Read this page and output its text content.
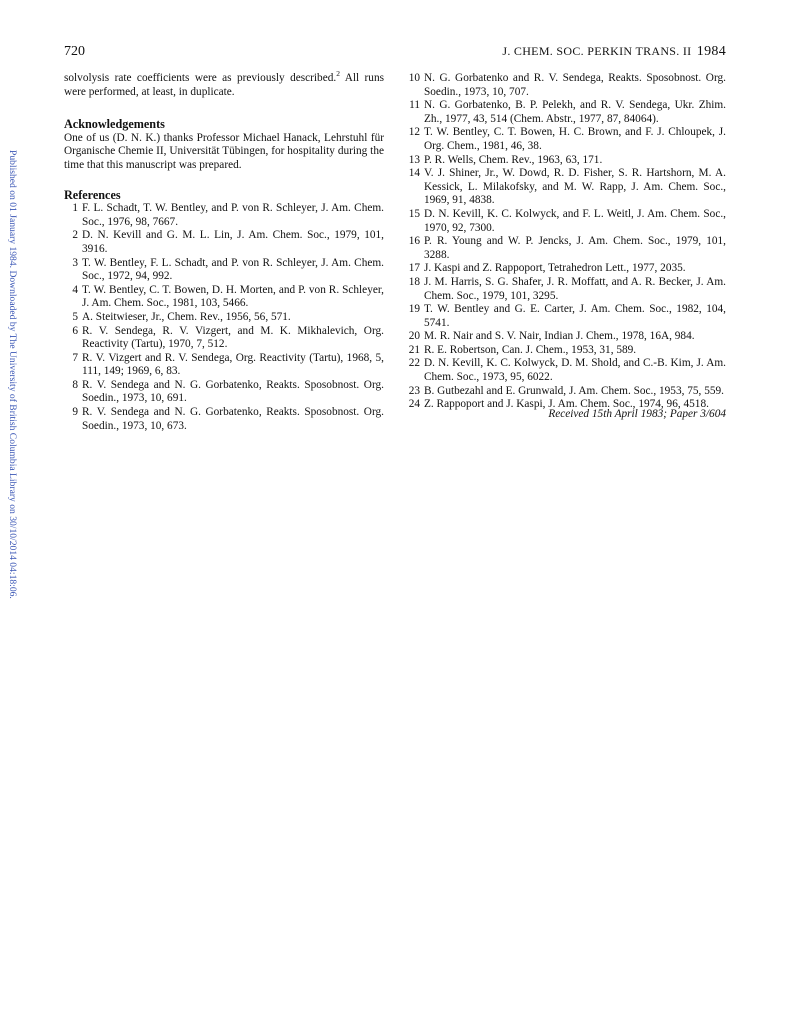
Published on 01 January 1984. Downloaded by The University of British Columbia Library on 30/10/2014 04:18:06.
720	J. CHEM. SOC. PERKIN TRANS. II 1984

solvolysis rate coefficients were as previously described.$^2$ All runs were performed, at least, in duplicate.

Acknowledgements

One of us (D. N. K.) thanks Professor Michael Hanack, Lehrstuhl für Organische Chemie II, Universität Tübingen, for hospitality during the time that this manuscript was prepared.

References

1 F. L. Schadt, T. W. Bentley, and P. von R. Schleyer, J. Am. Chem. Soc., 1976, 98, 7667.

2 D. N. Kevill and G. M. L. Lin, J. Am. Chem. Soc., 1979, 101, 3916.

3 T. W. Bentley, F. L. Schadt, and P. von R. Schleyer, J. Am. Chem. Soc., 1972, 94, 992.

4 T. W. Bentley, C. T. Bowen, D. H. Morten, and P. von R. Schleyer, J. Am. Chem. Soc., 1981, 103, 5466.

5 A. Steitwieser, Jr., Chem. Rev., 1956, 56, 571.

6 R. V. Sendega, R. V. Vizgert, and M. K. Mikhalevich, Org. Reactivity (Tartu), 1970, 7, 512.

7 R. V. Vizgert and R. V. Sendega, Org. Reactivity (Tartu), 1968, 5, 111, 149; 1969, 6, 83.

8 R. V. Sendega and N. G. Gorbatenko, Reakts. Sposobnost. Org. Soedin., 1973, 10, 691.

9 R. V. Sendega and N. G. Gorbatenko, Reakts. Sposobnost. Org. Soedin., 1973, 10, 673.

10 N. G. Gorbatenko and R. V. Sendega, Reakts. Sposobnost. Org. Soedin., 1973, 10, 707.

11 N. G. Gorbatenko, B. P. Pelekh, and R. V. Sendega, Ukr. Zhim. Zh., 1977, 43, 514 (Chem. Abstr., 1977, 87, 84064).

12 T. W. Bentley, C. T. Bowen, H. C. Brown, and F. J. Chloupek, J. Org. Chem., 1981, 46, 38.

13 P. R. Wells, Chem. Rev., 1963, 63, 171.

14 V. J. Shiner, Jr., W. Dowd, R. D. Fisher, S. R. Hartshorn, M. A. Kessick, L. Milakofsky, and M. W. Rapp, J. Am. Chem. Soc., 1969, 91, 4838.

15 D. N. Kevill, K. C. Kolwyck, and F. L. Weitl, J. Am. Chem. Soc., 1970, 92, 7300.

16 P. R. Young and W. P. Jencks, J. Am. Chem. Soc., 1979, 101, 3288.

17 J. Kaspi and Z. Rappoport, Tetrahedron Lett., 1977, 2035.

18 J. M. Harris, S. G. Shafer, J. R. Moffatt, and A. R. Becker, J. Am. Chem. Soc., 1979, 101, 3295.

19 T. W. Bentley and G. E. Carter, J. Am. Chem. Soc., 1982, 104, 5741.

20 M. R. Nair and S. V. Nair, Indian J. Chem., 1978, 16A, 984.

21 R. E. Robertson, Can. J. Chem., 1953, 31, 589.

22 D. N. Kevill, K. C. Kolwyck, D. M. Shold, and C.-B. Kim, J. Am. Chem. Soc., 1973, 95, 6022.

23 B. Gutbezahl and E. Grunwald, J. Am. Chem. Soc., 1953, 75, 559.

24 Z. Rappoport and J. Kaspi, J. Am. Chem. Soc., 1974, 96, 4518.

Received 15th April 1983; Paper 3/604
